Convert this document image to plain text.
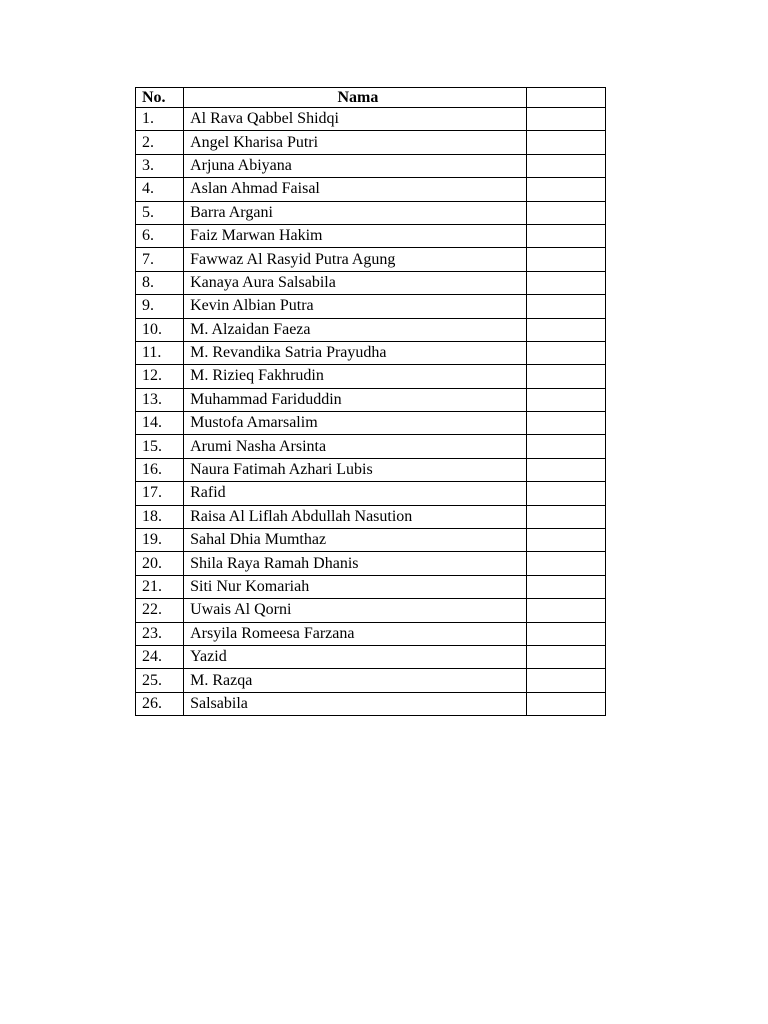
No.	Nama	
1.	Al Rava Qabbel Shidqi	
2.	Angel Kharisa Putri	
3.	Arjuna Abiyana	
4.	Aslan Ahmad Faisal	
5.	Barra Argani	
6.	Faiz Marwan Hakim	
7.	Fawwaz Al Rasyid Putra Agung	
8.	Kanaya Aura Salsabila	
9.	Kevin Albian Putra	
10.	M. Alzaidan Faeza	
11.	M. Revandika Satria Prayudha	
12.	M. Rizieq Fakhrudin	
13.	Muhammad Fariduddin	
14.	Mustofa Amarsalim	
15.	Arumi Nasha Arsinta	
16.	Naura Fatimah Azhari Lubis	
17.	Rafid	
18.	Raisa Al Liflah Abdullah Nasution	
19.	Sahal Dhia Mumthaz	
20.	Shila Raya Ramah Dhanis	
21.	Siti Nur Komariah	
22.	Uwais Al Qorni	
23.	Arsyila Romeesa Farzana	
24.	Yazid	
25.	M. Razqa	
26.	Salsabila	
